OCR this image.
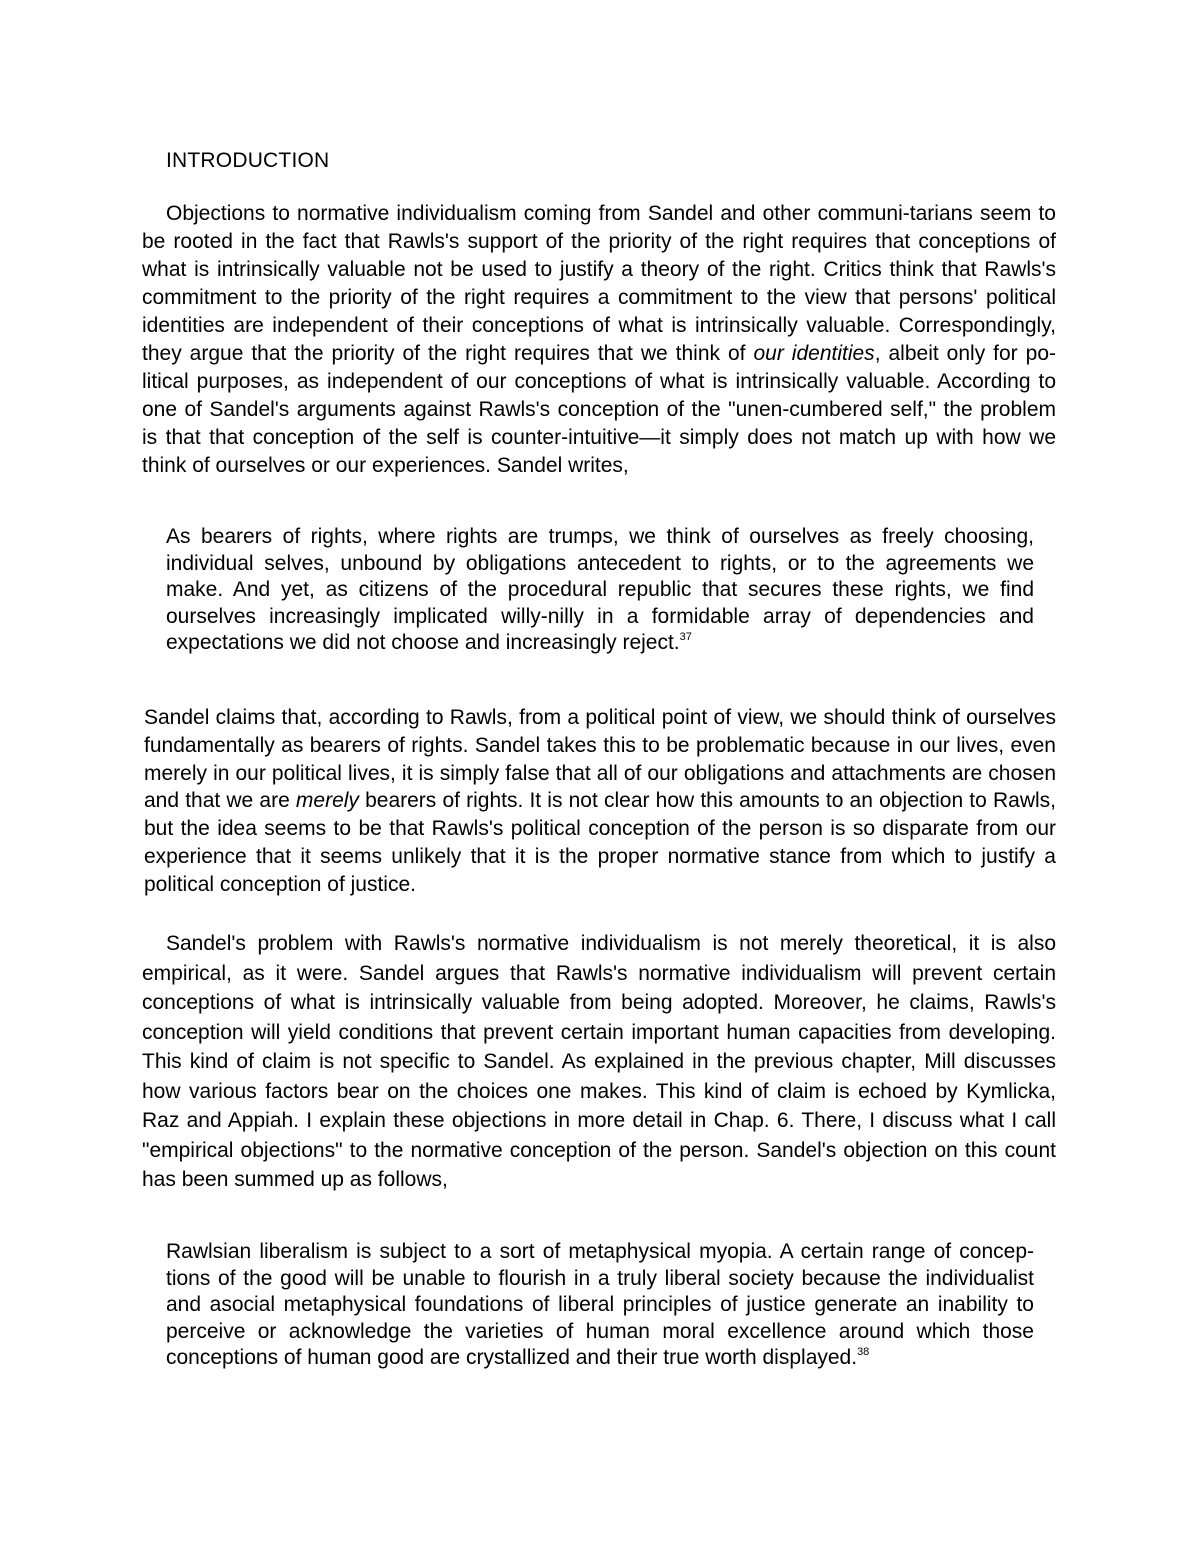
INTRODUCTION

Objections to normative individualism coming from Sandel and other communi-tarians seem to be rooted in the fact that Rawls's support of the priority of the right requires that conceptions of what is intrinsically valuable not be used to justify a theory of the right. Critics think that Rawls's commitment to the priority of the right requires a commitment to the view that persons' political identities are independent of their conceptions of what is intrinsically valuable. Correspondingly, they argue that the priority of the right requires that we think of our identities, albeit only for po-litical purposes, as independent of our conceptions of what is intrinsically valuable. According to one of Sandel's arguments against Rawls's conception of the "unen-cumbered self," the problem is that that conception of the self is counter-intuitive—it simply does not match up with how we think of ourselves or our experiences. Sandel writes,

As bearers of rights, where rights are trumps, we think of ourselves as freely choosing, individual selves, unbound by obligations antecedent to rights, or to the agreements we make. And yet, as citizens of the procedural republic that secures these rights, we find ourselves increasingly implicated willy-nilly in a formidable array of dependencies and expectations we did not choose and increasingly reject.$^{37}$

Sandel claims that, according to Rawls, from a political point of view, we should think of ourselves fundamentally as bearers of rights. Sandel takes this to be problematic because in our lives, even merely in our political lives, it is simply false that all of our obligations and attachments are chosen and that we are merely bearers of rights. It is not clear how this amounts to an objection to Rawls, but the idea seems to be that Rawls's political conception of the person is so disparate from our experience that it seems unlikely that it is the proper normative stance from which to justify a political conception of justice.

Sandel's problem with Rawls's normative individualism is not merely theoretical, it is also empirical, as it were. Sandel argues that Rawls's normative individualism will prevent certain conceptions of what is intrinsically valuable from being adopted. Moreover, he claims, Rawls's conception will yield conditions that prevent certain important human capacities from developing. This kind of claim is not specific to Sandel. As explained in the previous chapter, Mill discusses how various factors bear on the choices one makes. This kind of claim is echoed by Kymlicka, Raz and Appiah. I explain these objections in more detail in Chap. 6. There, I discuss what I call "empirical objections" to the normative conception of the person. Sandel's objection on this count has been summed up as follows,

Rawlsian liberalism is subject to a sort of metaphysical myopia. A certain range of concep-tions of the good will be unable to flourish in a truly liberal society because the individualist and asocial metaphysical foundations of liberal principles of justice generate an inability to perceive or acknowledge the varieties of human moral excellence around which those conceptions of human good are crystallized and their true worth displayed.$^{38}$
